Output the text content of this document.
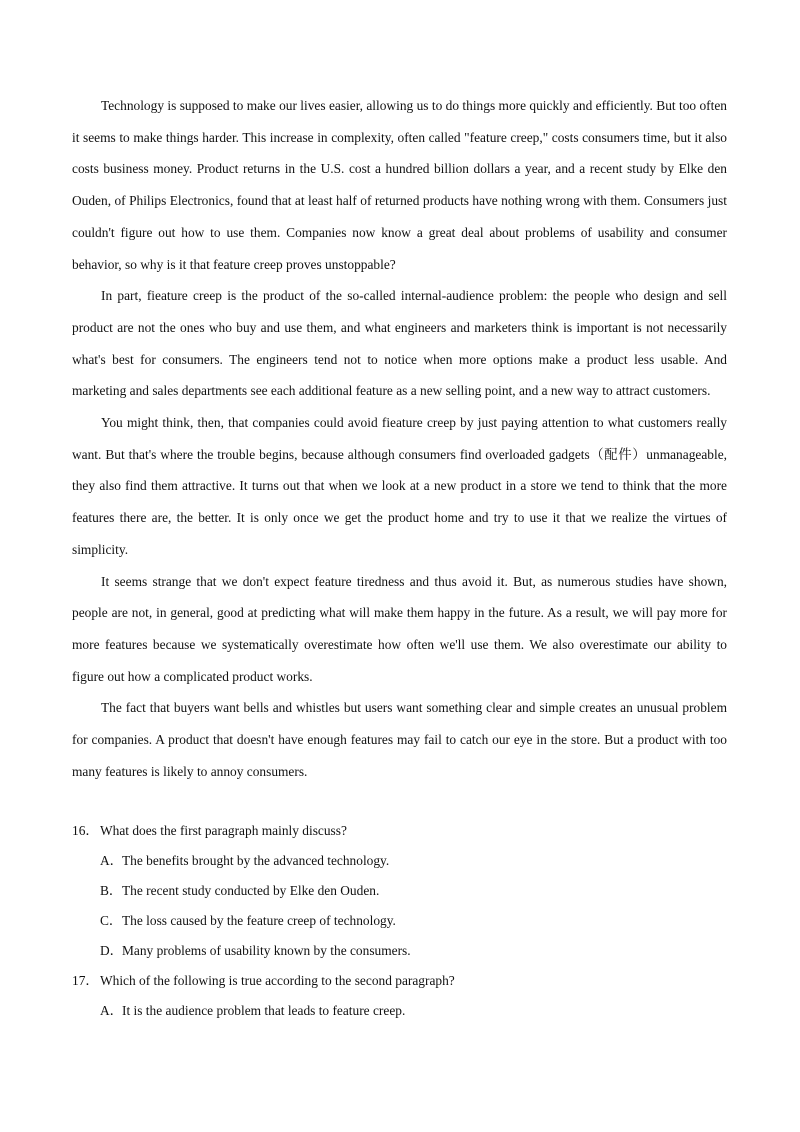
Technology is supposed to make our lives easier, allowing us to do things more quickly and efficiently. But too often it seems to make things harder. This increase in complexity, often called "feature creep," costs consumers time, but it also costs business money. Product returns in the U.S. cost a hundred billion dollars a year, and a recent study by Elke den Ouden, of Philips Electronics, found that at least half of returned products have nothing wrong with them. Consumers just couldn't figure out how to use them. Companies now know a great deal about problems of usability and consumer behavior, so why is it that feature creep proves unstoppable?

In part, fieature creep is the product of the so-called internal-audience problem: the people who design and sell product are not the ones who buy and use them, and what engineers and marketers think is important is not necessarily what's best for consumers. The engineers tend not to notice when more options make a product less usable. And marketing and sales departments see each additional feature as a new selling point, and a new way to attract customers.

You might think, then, that companies could avoid fieature creep by just paying attention to what customers really want. But that's where the trouble begins, because although consumers find overloaded gadgets（配件）unmanageable, they also find them attractive. It turns out that when we look at a new product in a store we tend to think that the more features there are, the better. It is only once we get the product home and try to use it that we realize the virtues of simplicity.

It seems strange that we don't expect feature tiredness and thus avoid it. But, as numerous studies have shown, people are not, in general, good at predicting what will make them happy in the future. As a result, we will pay more for more features because we systematically overestimate how often we'll use them. We also overestimate our ability to figure out how a complicated product works.

The fact that buyers want bells and whistles but users want something clear and simple creates an unusual problem for companies. A product that doesn't have enough features may fail to catch our eye in the store. But a product with too many features is likely to annoy consumers.

16．What does the first paragraph mainly discuss?
A．The benefits brought by the advanced technology.
B．The recent study conducted by Elke den Ouden.
C．The loss caused by the feature creep of technology.
D．Many problems of usability known by the consumers.
17．Which of the following is true according to the second paragraph?
A．It is the audience problem that leads to feature creep.
